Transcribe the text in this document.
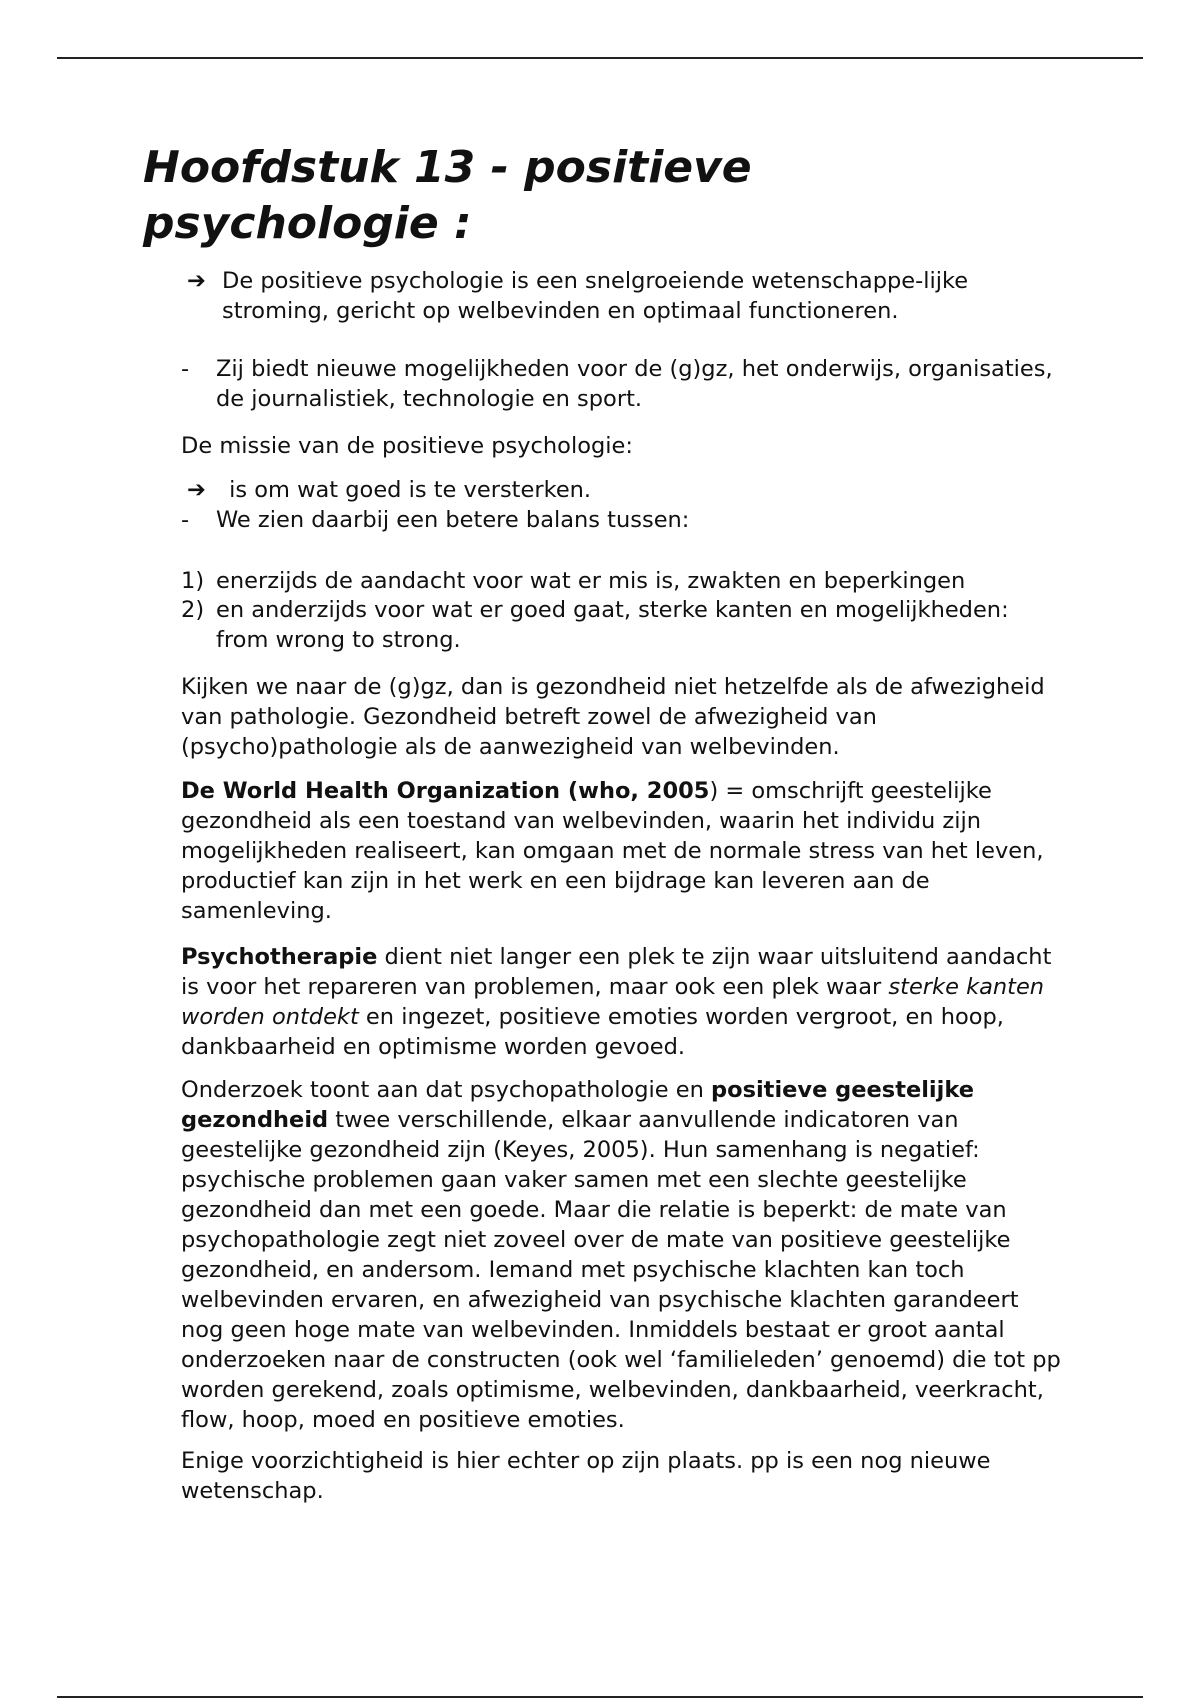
Hoofdstuk 13 - positieve psychologie :
➔ De positieve psychologie is een snelgroeiende wetenschappe-lijke stroming, gericht op welbevinden en optimaal functioneren.
-	Zij biedt nieuwe mogelijkheden voor de (g)gz, het onderwijs, organisaties, de journalistiek, technologie en sport.

De missie van de positieve psychologie:

➔ is om wat goed is te versterken.
-	We zien daarbij een betere balans tussen:
1) enerzijds de aandacht voor wat er mis is, zwakten en beperkingen
2) en anderzijds voor wat er goed gaat, sterke kanten en mogelijkheden: from wrong to strong.

Kijken we naar de (g)gz, dan is gezondheid niet hetzelfde als de afwezigheid van pathologie. Gezondheid betreft zowel de afwezigheid van (psycho)pathologie als de aanwezigheid van welbevinden.

De World Health Organization (who, 2005) = omschrijft geestelijke gezondheid als een toestand van welbevinden, waarin het individu zijn mogelijkheden realiseert, kan omgaan met de normale stress van het leven, productief kan zijn in het werk en een bijdrage kan leveren aan de samenleving.

Psychotherapie dient niet langer een plek te zijn waar uitsluitend aandacht is voor het repareren van problemen, maar ook een plek waar sterke kanten worden ontdekt en ingezet, positieve emoties worden vergroot, en hoop, dankbaarheid en optimisme worden gevoed.

Onderzoek toont aan dat psychopathologie en positieve geestelijke gezondheid twee verschillende, elkaar aanvullende indicatoren van geestelijke gezondheid zijn (Keyes, 2005). Hun samenhang is negatief: psychische problemen gaan vaker samen met een slechte geestelijke gezondheid dan met een goede. Maar die relatie is beperkt: de mate van psychopathologie zegt niet zoveel over de mate van positieve geestelijke gezondheid, en andersom. Iemand met psychische klachten kan toch welbevinden ervaren, en afwezigheid van psychische klachten garandeert nog geen hoge mate van welbevinden. Inmiddels bestaat er groot aantal onderzoeken naar de constructen (ook wel ‘familieleden’ genoemd) die tot pp worden gerekend, zoals optimisme, welbevinden, dankbaarheid, veerkracht, flow, hoop, moed en positieve emoties.

Enige voorzichtigheid is hier echter op zijn plaats. pp is een nog nieuwe wetenschap.
